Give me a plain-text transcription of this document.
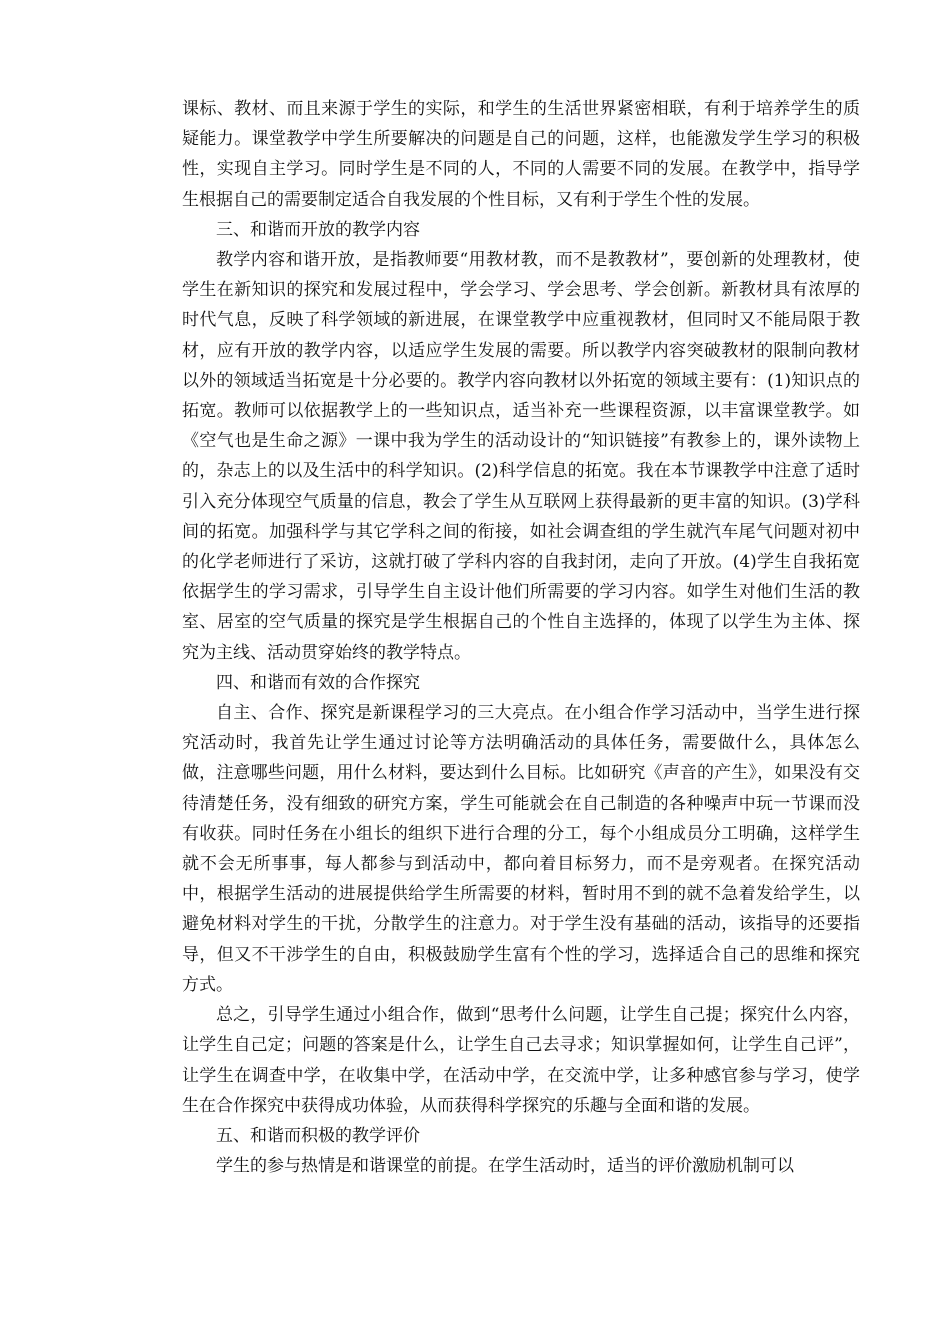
课标、教材、而且来源于学生的实际，和学生的生活世界紧密相联，有利于培养学生的质疑能力。课堂教学中学生所要解决的问题是自己的问题，这样，也能激发学生学习的积极性，实现自主学习。同时学生是不同的人，不同的人需要不同的发展。在教学中，指导学生根据自己的需要制定适合自我发展的个性目标，又有利于学生个性的发展。

三、和谐而开放的教学内容

教学内容和谐开放，是指教师要“用教材教，而不是教教材”，要创新的处理教材，使学生在新知识的探究和发展过程中，学会学习、学会思考、学会创新。新教材具有浓厚的时代气息，反映了科学领域的新进展，在课堂教学中应重视教材，但同时又不能局限于教材，应有开放的教学内容，以适应学生发展的需要。所以教学内容突破教材的限制向教材以外的领域适当拓宽是十分必要的。教学内容向教材以外拓宽的领域主要有：(1)知识点的拓宽。教师可以依据教学上的一些知识点，适当补充一些课程资源，以丰富课堂教学。如《空气也是生命之源》一课中我为学生的活动设计的“知识链接”有教参上的，课外读物上的，杂志上的以及生活中的科学知识。(2)科学信息的拓宽。我在本节课教学中注意了适时引入充分体现空气质量的信息，教会了学生从互联网上获得最新的更丰富的知识。(3)学科间的拓宽。加强科学与其它学科之间的衔接，如社会调查组的学生就汽车尾气问题对初中的化学老师进行了采访，这就打破了学科内容的自我封闭，走向了开放。(4)学生自我拓宽依据学生的学习需求，引导学生自主设计他们所需要的学习内容。如学生对他们生活的教室、居室的空气质量的探究是学生根据自己的个性自主选择的，体现了以学生为主体、探究为主线、活动贯穿始终的教学特点。

四、和谐而有效的合作探究

自主、合作、探究是新课程学习的三大亮点。在小组合作学习活动中，当学生进行探究活动时，我首先让学生通过讨论等方法明确活动的具体任务，需要做什么，具体怎么做，注意哪些问题，用什么材料，要达到什么目标。比如研究《声音的产生》，如果没有交待清楚任务，没有细致的研究方案，学生可能就会在自己制造的各种噪声中玩一节课而没有收获。同时任务在小组长的组织下进行合理的分工，每个小组成员分工明确，这样学生就不会无所事事，每人都参与到活动中，都向着目标努力，而不是旁观者。在探究活动中，根据学生活动的进展提供给学生所需要的材料，暂时用不到的就不急着发给学生，以避免材料对学生的干扰，分散学生的注意力。对于学生没有基础的活动，该指导的还要指导，但又不干涉学生的自由，积极鼓励学生富有个性的学习，选择适合自己的思维和探究方式。

总之，引导学生通过小组合作，做到“思考什么问题，让学生自己提；探究什么内容，让学生自己定；问题的答案是什么，让学生自己去寻求；知识掌握如何，让学生自己评”，让学生在调查中学，在收集中学，在活动中学，在交流中学，让多种感官参与学习，使学生在合作探究中获得成功体验，从而获得科学探究的乐趣与全面和谐的发展。

五、和谐而积极的教学评价

学生的参与热情是和谐课堂的前提。在学生活动时，适当的评价激励机制可以
